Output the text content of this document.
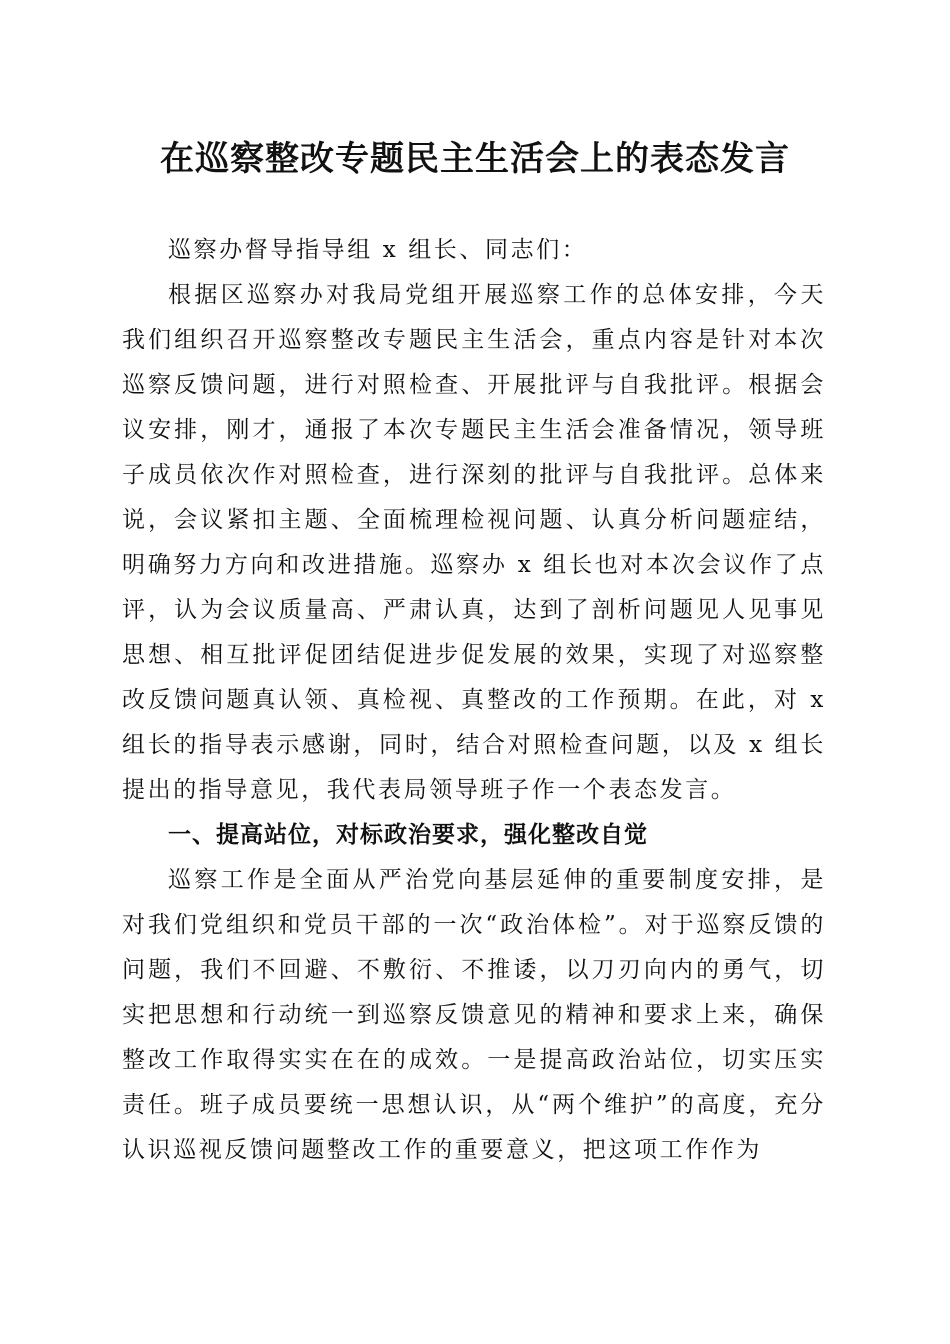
在巡察整改专题民主生活会上的表态发言

巡察办督导指导组 x 组长、同志们：

根据区巡察办对我局党组开展巡察工作的总体安排，今天我们组织召开巡察整改专题民主生活会，重点内容是针对本次巡察反馈问题，进行对照检查、开展批评与自我批评。根据会议安排，刚才，通报了本次专题民主生活会准备情况，领导班子成员依次作对照检查，进行深刻的批评与自我批评。总体来说，会议紧扣主题、全面梳理检视问题、认真分析问题症结，明确努力方向和改进措施。巡察办 x 组长也对本次会议作了点评，认为会议质量高、严肃认真，达到了剖析问题见人见事见思想、相互批评促团结促进步促发展的效果，实现了对巡察整改反馈问题真认领、真检视、真整改的工作预期。在此，对 x 组长的指导表示感谢，同时，结合对照检查问题，以及 x 组长提出的指导意见，我代表局领导班子作一个表态发言。

一、提高站位，对标政治要求，强化整改自觉

巡察工作是全面从严治党向基层延伸的重要制度安排，是对我们党组织和党员干部的一次“政治体检”。对于巡察反馈的问题，我们不回避、不敷衍、不推诿，以刀刃向内的勇气，切实把思想和行动统一到巡察反馈意见的精神和要求上来，确保整改工作取得实实在在的成效。一是提高政治站位，切实压实责任。班子成员要统一思想认识，从“两个维护”的高度，充分认识巡视反馈问题整改工作的重要意义，把这项工作作为
